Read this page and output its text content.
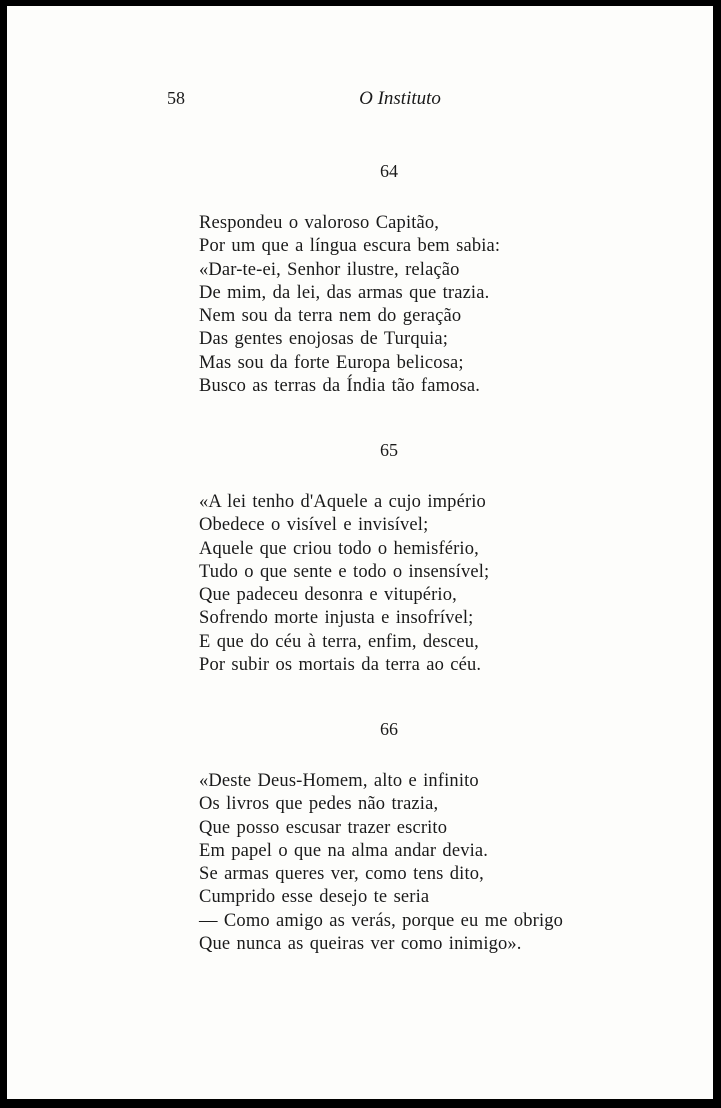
58	O Instituto
64
Respondeu o valoroso Capitão,
Por um que a língua escura bem sabia:
«Dar-te-ei, Senhor ilustre, relação
De mim, da lei, das armas que trazia.
Nem sou da terra nem do geração
Das gentes enojosas de Turquia;
Mas sou da forte Europa belicosa;
Busco as terras da Índia tão famosa.
65
«A lei tenho d'Aquele a cujo império
Obedece o visível e invisível;
Aquele que criou todo o hemisfério,
Tudo o que sente e todo o insensível;
Que padeceu desonra e vitupério,
Sofrendo morte injusta e insofrível;
E que do céu à terra, enfim, desceu,
Por subir os mortais da terra ao céu.
66
«Deste Deus-Homem, alto e infinito
Os livros que pedes não trazia,
Que posso escusar trazer escrito
Em papel o que na alma andar devia.
Se armas queres ver, como tens dito,
Cumprido esse desejo te seria
— Como amigo as verás, porque eu me obrigo
Que nunca as queiras ver como inimigo».
